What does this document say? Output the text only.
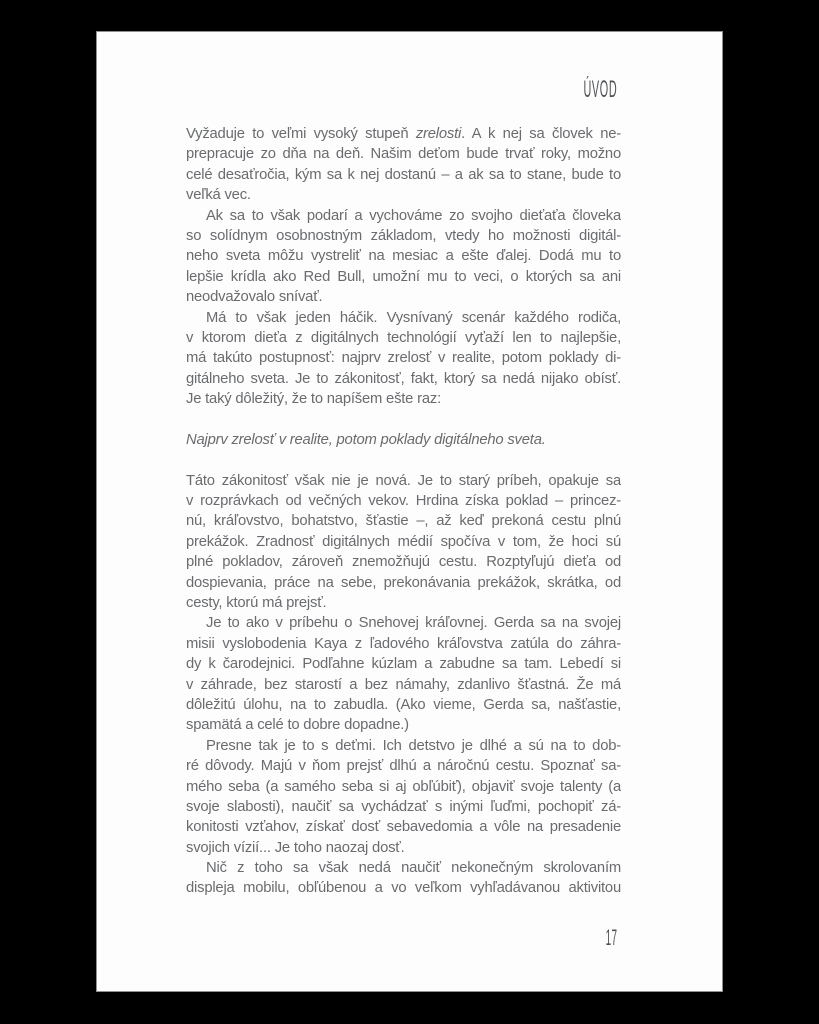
ÚVOD
Vyžaduje to veľmi vysoký stupeň zrelosti. A k nej sa človek ne-
prepracuje zo dňa na deň. Našim deťom bude trvať roky, možno
celé desaťročia, kým sa k nej dostanú – a ak sa to stane, bude to
veľká vec.
Ak sa to však podarí a vychováme zo svojho dieťaťa človeka
so solídnym osobnostným základom, vtedy ho možnosti digitál-
neho sveta môžu vystreliť na mesiac a ešte ďalej. Dodá mu to
lepšie krídla ako Red Bull, umožní mu to veci, o ktorých sa ani
neodvažovalo snívať.
Má to však jeden háčik. Vysnívaný scenár každého rodiča,
v ktorom dieťa z digitálnych technológií vyťaží len to najlepšie,
má takúto postupnosť: najprv zrelosť v realite, potom poklady di-
gitálneho sveta. Je to zákonitosť, fakt, ktorý sa nedá nijako obísť.
Je taký dôležitý, že to napíšem ešte raz:
Najprv zrelosť v realite, potom poklady digitálneho sveta.
Táto zákonitosť však nie je nová. Je to starý príbeh, opakuje sa
v rozprávkach od večných vekov. Hrdina získa poklad – princez-
nú, kráľovstvo, bohatstvo, šťastie –, až keď prekoná cestu plnú
prekážok. Zradnosť digitálnych médií spočíva v tom, že hoci sú
plné pokladov, zároveň znemožňujú cestu. Rozptyľujú dieťa od
dospievania, práce na sebe, prekonávania prekážok, skrátka, od
cesty, ktorú má prejsť.
Je to ako v príbehu o Snehovej kráľovnej. Gerda sa na svojej
misii vyslobodenia Kaya z ľadového kráľovstva zatúla do záhra-
dy k čarodejnici. Podľahne kúzlam a zabudne sa tam. Lebedí si
v záhrade, bez starostí a bez námahy, zdanlivo šťastná. Že má
dôležitú úlohu, na to zabudla. (Ako vieme, Gerda sa, našťastie,
spamätá a celé to dobre dopadne.)
Presne tak je to s deťmi. Ich detstvo je dlhé a sú na to dob-
ré dôvody. Majú v ňom prejsť dlhú a náročnú cestu. Spoznať sa-
mého seba (a samého seba si aj obľúbiť), objaviť svoje talenty (a
svoje slabosti), naučiť sa vychádzať s inými ľuďmi, pochopiť zá-
konitosti vzťahov, získať dosť sebavedomia a vôle na presadenie
svojich vízií... Je toho naozaj dosť.
Nič z toho sa však nedá naučiť nekonečným skrolovaním
displeja mobilu, obľúbenou a vo veľkom vyhľadávanou aktivitou
17
